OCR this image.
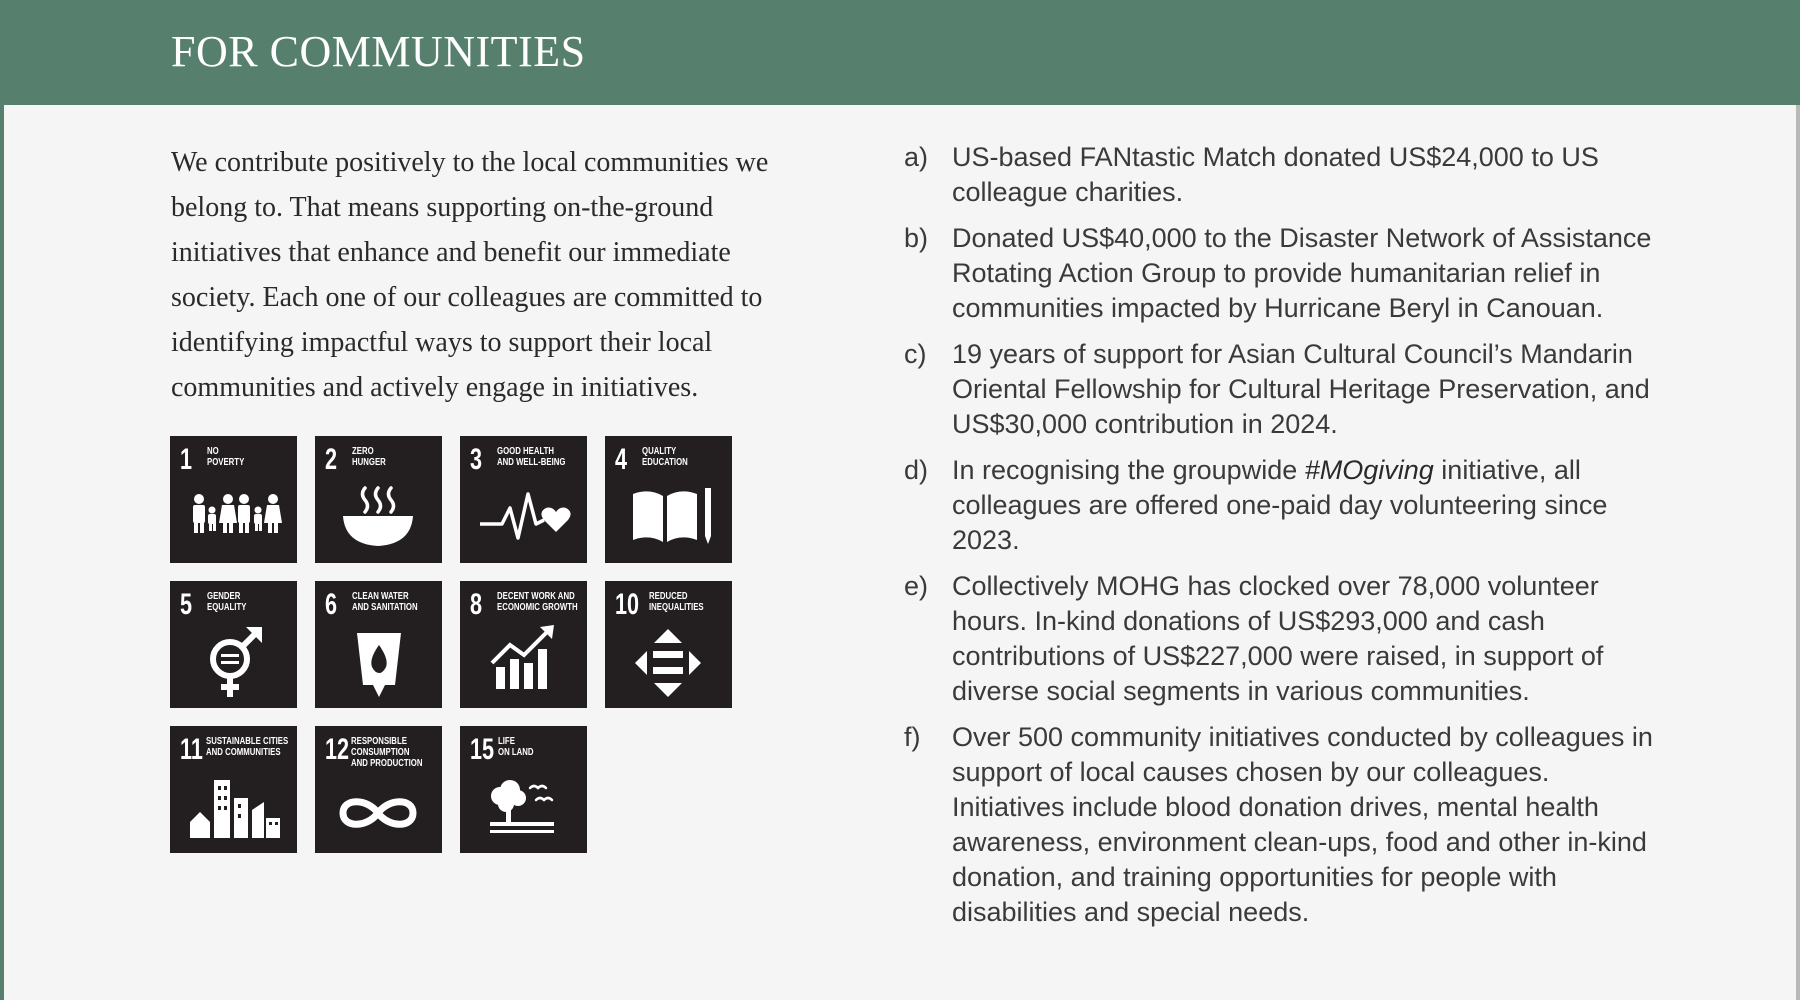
FOR COMMUNITIES

We contribute positively to the local communities we belong to. That means supporting on-the-ground initiatives that enhance and benefit our immediate society. Each one of our colleagues are committed to identifying impactful ways to support their local communities and actively engage in initiatives.

1 NO
POVERTY	2 ZERO
HUNGER	3 GOOD HEALTH
AND WELL-BEING	4 QUALITY
EDUCATION
5 GENDER
EQUALITY	6 CLEAN WATER
AND SANITATION	8 DECENT WORK AND
ECONOMIC GROWTH	10 REDUCED
INEQUALITIES
11 SUSTAINABLE CITIES
AND COMMUNITIES	12 RESPONSIBLE
CONSUMPTION
AND PRODUCTION	15 LIFE
ON LAND
a) US-based FANtastic Match donated US$24,000 to US colleague charities.
b) Donated US$40,000 to the Disaster Network of Assistance Rotating Action Group to provide humanitarian relief in communities impacted by Hurricane Beryl in Canouan.
c) 19 years of support for Asian Cultural Council’s Mandarin Oriental Fellowship for Cultural Heritage Preservation, and US$30,000 contribution in 2024.
d) In recognising the groupwide #MOgiving initiative, all colleagues are offered one-paid day volunteering since 2023.
e) Collectively MOHG has clocked over 78,000 volunteer hours. In-kind donations of US$293,000 and cash contributions of US$227,000 were raised, in support of diverse social segments in various communities.
f) Over 500 community initiatives conducted by colleagues in support of local causes chosen by our colleagues. Initiatives include blood donation drives, mental health awareness, environment clean-ups, food and other in-kind donation, and training opportunities for people with disabilities and special needs.
